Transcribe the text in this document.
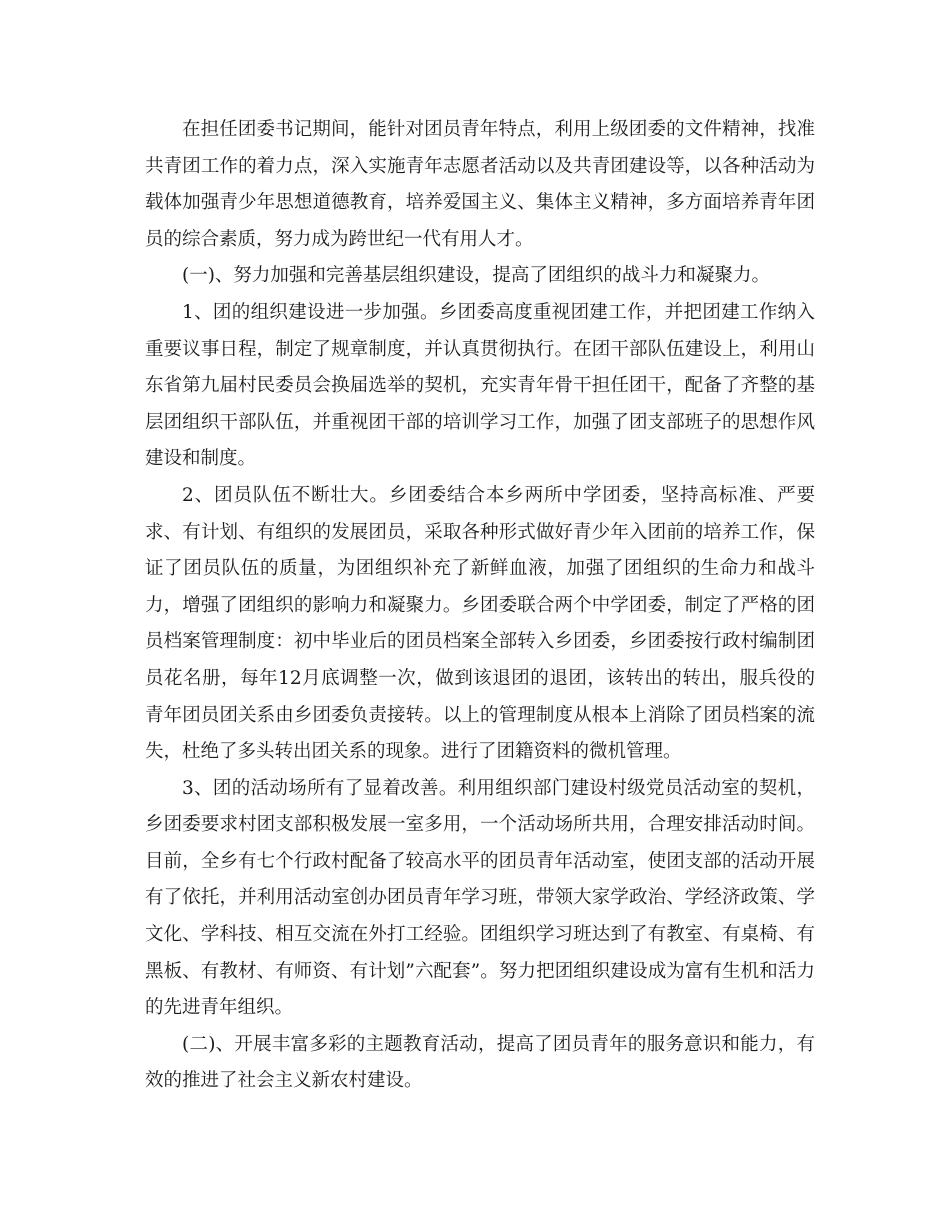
在担任团委书记期间，能针对团员青年特点，利用上级团委的文件精神，找准共青团工作的着力点，深入实施青年志愿者活动以及共青团建设等，以各种活动为载体加强青少年思想道德教育，培养爱国主义、集体主义精神，多方面培养青年团员的综合素质，努力成为跨世纪一代有用人才。

(一)、努力加强和完善基层组织建设，提高了团组织的战斗力和凝聚力。

1、团的组织建设进一步加强。乡团委高度重视团建工作，并把团建工作纳入重要议事日程，制定了规章制度，并认真贯彻执行。在团干部队伍建设上，利用山东省第九届村民委员会换届选举的契机，充实青年骨干担任团干，配备了齐整的基层团组织干部队伍，并重视团干部的培训学习工作，加强了团支部班子的思想作风建设和制度。

2、团员队伍不断壮大。乡团委结合本乡两所中学团委，坚持高标准、严要求、有计划、有组织的发展团员，采取各种形式做好青少年入团前的培养工作，保证了团员队伍的质量，为团组织补充了新鲜血液，加强了团组织的生命力和战斗力，增强了团组织的影响力和凝聚力。乡团委联合两个中学团委，制定了严格的团员档案管理制度：初中毕业后的团员档案全部转入乡团委，乡团委按行政村编制团员花名册，每年12月底调整一次，做到该退团的退团，该转出的转出，服兵役的青年团员团关系由乡团委负责接转。以上的管理制度从根本上消除了团员档案的流失，杜绝了多头转出团关系的现象。进行了团籍资料的微机管理。

3、团的活动场所有了显着改善。利用组织部门建设村级党员活动室的契机，乡团委要求村团支部积极发展一室多用，一个活动场所共用，合理安排活动时间。目前，全乡有七个行政村配备了较高水平的团员青年活动室，使团支部的活动开展有了依托，并利用活动室创办团员青年学习班，带领大家学政治、学经济政策、学文化、学科技、相互交流在外打工经验。团组织学习班达到了有教室、有桌椅、有黑板、有教材、有师资、有计划”六配套”。努力把团组织建设成为富有生机和活力的先进青年组织。

(二)、开展丰富多彩的主题教育活动，提高了团员青年的服务意识和能力，有效的推进了社会主义新农村建设。
